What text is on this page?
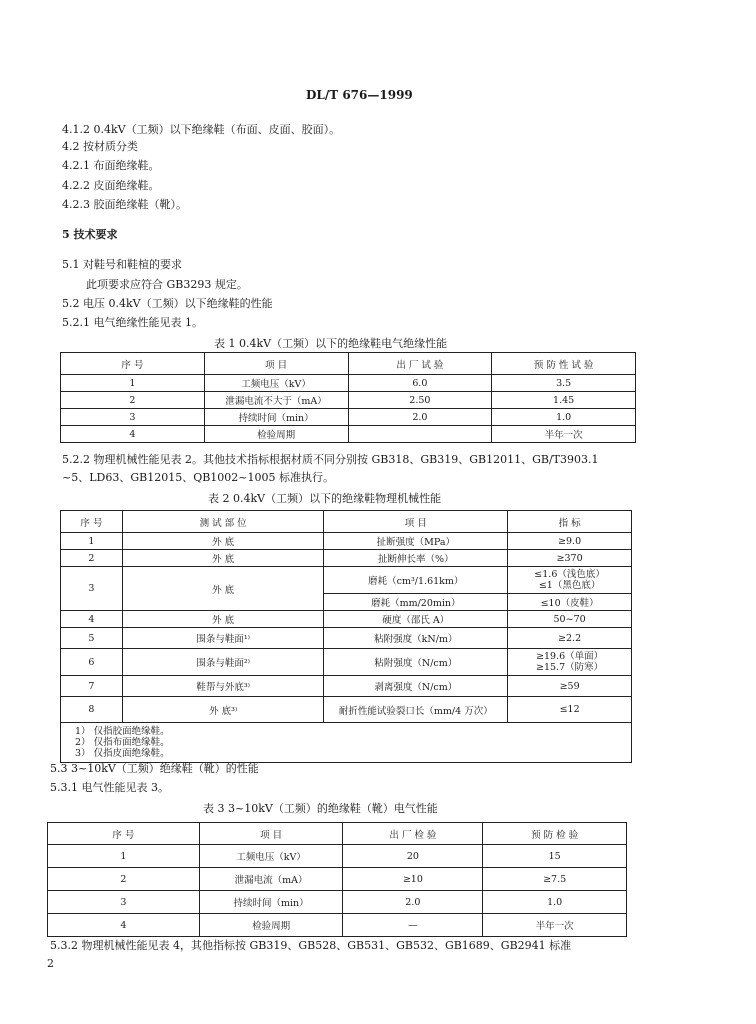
DL/T 676—1999
4.1.2 0.4kV（工频）以下绝缘鞋（布面、皮面、胶面）。
4.2 按材质分类
4.2.1 布面绝缘鞋。
4.2.2 皮面绝缘鞋。
4.2.3 胶面绝缘鞋（靴）。
5 技术要求
5.1 对鞋号和鞋楦的要求
此项要求应符合 GB3293 规定。
5.2 电压 0.4kV（工频）以下绝缘鞋的性能
5.2.1 电气绝缘性能见表 1。
表 1 0.4kV（工频）以下的绝缘鞋电气绝缘性能
序 号	项 目	出 厂 试 验	预 防 性 试 验
1	工频电压（kV）	6.0	3.5
2	泄漏电流不大于（mA）	2.50	1.45
3	持续时间（min）	2.0	1.0
4	检验周期		半年一次
5.2.2 物理机械性能见表 2。其他技术指标根据材质不同分别按 GB318、GB319、GB12011、GB/T3903.1
~5、LD63、GB12015、QB1002~1005 标准执行。
表 2 0.4kV（工频）以下的绝缘鞋物理机械性能
序 号	测 试 部 位	项 目	指 标
1	外 底	扯断强度（MPa）	≥9.0
2	外 底	扯断伸长率（%）	≥370
3	外 底	磨耗（cm³/1.61km）	≤1.6（浅色底）
≤1（黑色底）

		磨耗（mm/20min）	≤10（皮鞋）
4	外 底	硬度（邵氏 A）	50~70
5	围条与鞋面¹⁾	粘附强度（kN/m）	≥2.2
6	围条与鞋面²⁾	粘附强度（N/cm）	≥19.6（单面）
≥15.7（防寒）

7	鞋帮与外底³⁾	剥离强度（N/cm）	≥59
8	外 底³⁾	耐折性能试验裂口长（mm/4 万次）	≤12

1） 仅指胶面绝缘鞋。
2） 仅指布面绝缘鞋。
3） 仅指皮面绝缘鞋。			
5.3 3~10kV（工频）绝缘鞋（靴）的性能
5.3.1 电气性能见表 3。
表 3 3~10kV（工频）的绝缘鞋（靴）电气性能
序 号	项 目	出 厂 检 验	预 防 检 验
1	工频电压（kV）	20	15
2	泄漏电流（mA）	≥10	≥7.5
3	持续时间（min）	2.0	1.0
4	检验周期	—	半年一次
5.3.2 物理机械性能见表 4，其他指标按 GB319、GB528、GB531、GB532、GB1689、GB2941 标准
2
